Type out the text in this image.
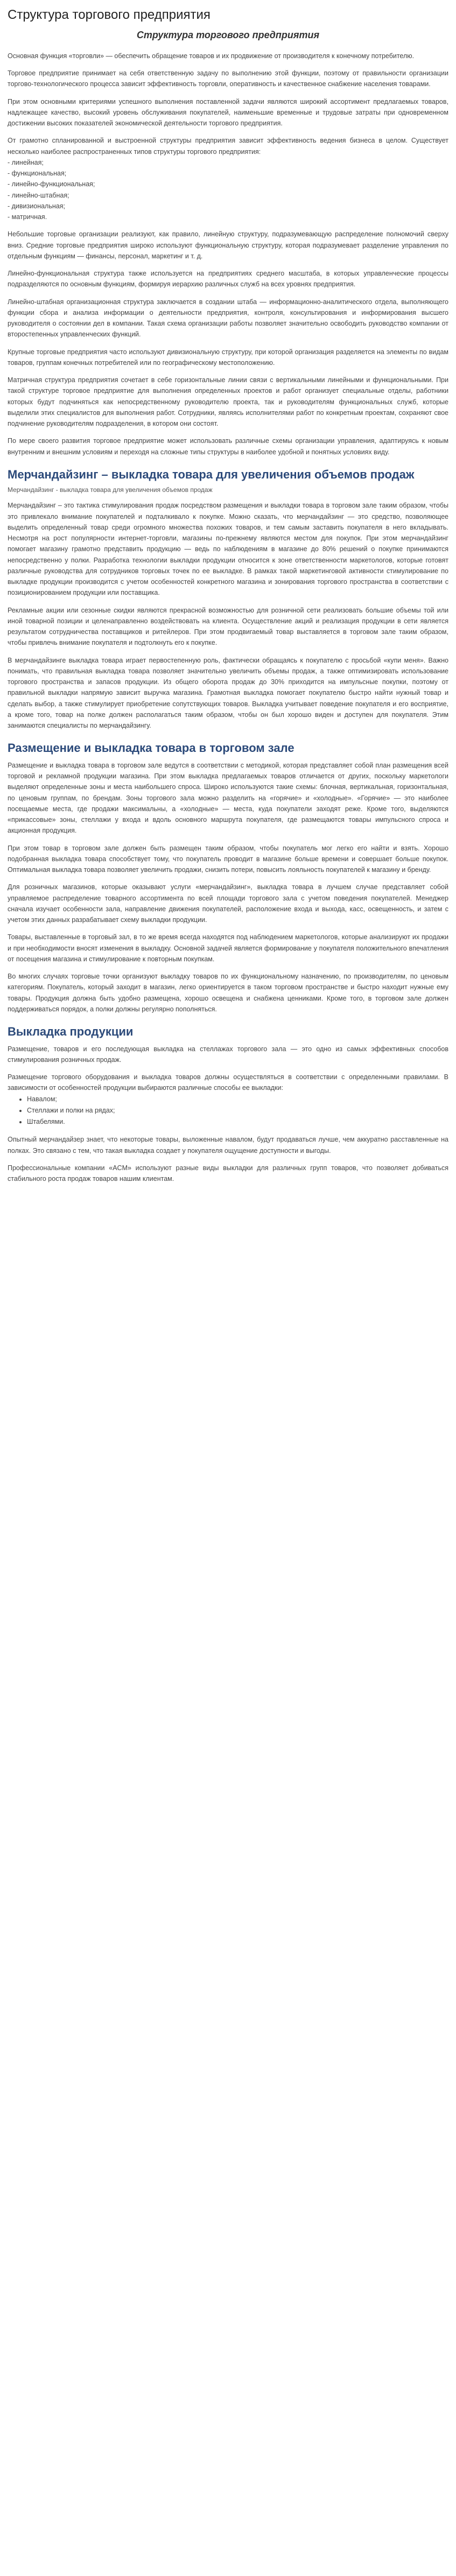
Структура торгового предприятия
Структура торгового предприятия

Основная функция «торговли» — обеспечить обращение товаров и их продвижение от производителя к конечному потребителю.

Торговое предприятие принимает на себя ответственную задачу по выполнению этой функции, поэтому от правильности организации торгово-технологического процесса зависит эффективность торговли, оперативность и качественное снабжение населения товарами.

При этом основными критериями успешного выполнения поставленной задачи являются широкий ассортимент предлагаемых товаров, надлежащее качество, высокий уровень обслуживания покупателей, наименьшие временные и трудовые затраты при одновременном достижении высоких показателей экономической деятельности торгового предприятия.

От грамотно спланированной и выстроенной структуры предприятия зависит эффективность ведения бизнеса в целом. Существует несколько наиболее распространенных типов структуры торгового предприятия:

- линейная;
- функциональная;
- линейно-функциональная;
- линейно-штабная;
- дивизиональная;
- матричная.

Небольшие торговые организации реализуют, как правило, линейную структуру, подразумевающую распределение полномочий сверху вниз. Средние торговые предприятия широко используют функциональную структуру, которая подразумевает разделение управления по отдельным функциям — финансы, персонал, маркетинг и т. д.

Линейно-функциональная структура также используется на предприятиях среднего масштаба, в которых управленческие процессы подразделяются по основным функциям, формируя иерархию различных служб на всех уровнях предприятия.

Линейно-штабная организационная структура заключается в создании штаба — информационно-аналитического отдела, выполняющего функции сбора и анализа информации о деятельности предприятия, контроля, консультирования и информирования высшего руководителя о состоянии дел в компании. Такая схема организации работы позволяет значительно освободить руководство компании от второстепенных управленческих функций.

Крупные торговые предприятия часто используют дивизиональную структуру, при которой организация разделяется на элементы по видам товаров, группам конечных потребителей или по географическому местоположению.

Матричная структура предприятия сочетает в себе горизонтальные линии связи с вертикальными линейными и функциональными. При такой структуре торговое предприятие для выполнения определенных проектов и работ организует специальные отделы, работники которых будут подчиняться как непосредственному руководителю проекта, так и руководителям функциональных служб, которые выделили этих специалистов для выполнения работ. Сотрудники, являясь исполнителями работ по конкретным проектам, сохраняют свое подчинение руководителям подразделения, в котором они состоят.

По мере своего развития торговое предприятие может использовать различные схемы организации управления, адаптируясь к новым внутренним и внешним условиям и переходя на сложные типы структуры в наиболее удобной и понятных условиях виду.

Мерчандайзинг – выкладка товара для увеличения объемов продаж
Мерчандайзинг - выкладка товара для увеличения объемов продаж

Мерчандайзинг – это тактика стимулирования продаж посредством размещения и выкладки товара в торговом зале таким образом, чтобы это привлекало внимание покупателей и подталкивало к покупке. Можно сказать, что мерчандайзинг — это средство, позволяющее выделить определенный товар среди огромного множества похожих товаров, и тем самым заставить покупателя в него вкладывать. Несмотря на рост популярности интернет-торговли, магазины по-прежнему являются местом для покупок. При этом мерчандайзинг помогает магазину грамотно представить продукцию — ведь по наблюдениям в магазине до 80% решений о покупке принимаются непосредственно у полки. Разработка технологии выкладки продукции относится к зоне ответственности маркетологов, которые готовят различные руководства для сотрудников торговых точек по ее выкладке. В рамках такой маркетинговой активности стимулирование по выкладке продукции производится с учетом особенностей конкретного магазина и зонирования торгового пространства в соответствии с позиционированием продукции или поставщика.

Рекламные акции или сезонные скидки являются прекрасной возможностью для розничной сети реализовать большие объемы той или иной товарной позиции и целенаправленно воздействовать на клиента. Осуществление акций и реализация продукции в сети является результатом сотрудничества поставщиков и ритейлеров. При этом продвигаемый товар выставляется в торговом зале таким образом, чтобы привлечь внимание покупателя и подтолкнуть его к покупке.

В мерчандайзинге выкладка товара играет первостепенную роль, фактически обращаясь к покупателю с просьбой «купи меня». Важно понимать, что правильная выкладка товара позволяет значительно увеличить объемы продаж, а также оптимизировать использование торгового пространства и запасов продукции. Из общего оборота продаж до 30% приходится на импульсные покупки, поэтому от правильной выкладки напрямую зависит выручка магазина. Грамотная выкладка помогает покупателю быстро найти нужный товар и сделать выбор, а также стимулирует приобретение сопутствующих товаров. Выкладка учитывает поведение покупателя и его восприятие, а кроме того, товар на полке должен располагаться таким образом, чтобы он был хорошо виден и доступен для покупателя. Этим занимаются специалисты по мерчандайзингу.

Размещение и выкладка товара в торговом зале

Размещение и выкладка товара в торговом зале ведутся в соответствии с методикой, которая представляет собой план размещения всей торговой и рекламной продукции магазина. При этом выкладка предлагаемых товаров отличается от других, поскольку маркетологи выделяют определенные зоны и места наибольшего спроса. Широко используются такие схемы: блочная, вертикальная, горизонтальная, по ценовым группам, по брендам. Зоны торгового зала можно разделить на «горячие» и «холодные». «Горячие» — это наиболее посещаемые места, где продажи максимальны, а «холодные» — места, куда покупатели заходят реже. Кроме того, выделяются «прикассовые» зоны, стеллажи у входа и вдоль основного маршрута покупателя, где размещаются товары импульсного спроса и акционная продукция.

При этом товар в торговом зале должен быть размещен таким образом, чтобы покупатель мог легко его найти и взять. Хорошо подобранная выкладка товара способствует тому, что покупатель проводит в магазине больше времени и совершает больше покупок. Оптимальная выкладка товара позволяет увеличить продажи, снизить потери, повысить лояльность покупателей к магазину и бренду.

Для розничных магазинов, которые оказывают услуги «мерчандайзинг», выкладка товара в лучшем случае представляет собой управляемое распределение товарного ассортимента по всей площади торгового зала с учетом поведения покупателей. Менеджер сначала изучает особенности зала, направление движения покупателей, расположение входа и выхода, касс, освещенность, и затем с учетом этих данных разрабатывает схему выкладки продукции.

Товары, выставленные в торговый зал, в то же время всегда находятся под наблюдением маркетологов, которые анализируют их продажи и при необходимости вносят изменения в выкладку. Основной задачей является формирование у покупателя положительного впечатления от посещения магазина и стимулирование к повторным покупкам.

Во многих случаях торговые точки организуют выкладку товаров по их функциональному назначению, по производителям, по ценовым категориям. Покупатель, который заходит в магазин, легко ориентируется в таком торговом пространстве и быстро находит нужные ему товары. Продукция должна быть удобно размещена, хорошо освещена и снабжена ценниками. Кроме того, в торговом зале должен поддерживаться порядок, а полки должны регулярно пополняться.

Выкладка продукции

Размещение, товаров и его последующая выкладка на стеллажах торгового зала — это одно из самых эффективных способов стимулирования розничных продаж.

Размещение торгового оборудования и выкладка товаров должны осуществляться в соответствии с определенными правилами. В зависимости от особенностей продукции выбираются различные способы ее выкладки:

• Навалом;
• Стеллажи и полки на рядах;
• Штабелями.

Опытный мерчандайзер знает, что некоторые товары, выложенные навалом, будут продаваться лучше, чем аккуратно расставленные на полках. Это связано с тем, что такая выкладка создает у покупателя ощущение доступности и выгоды.

Профессиональные компании «ACM» используют разные виды выкладки для различных групп товаров, что позволяет добиваться стабильного роста продаж товаров нашим клиентам.
